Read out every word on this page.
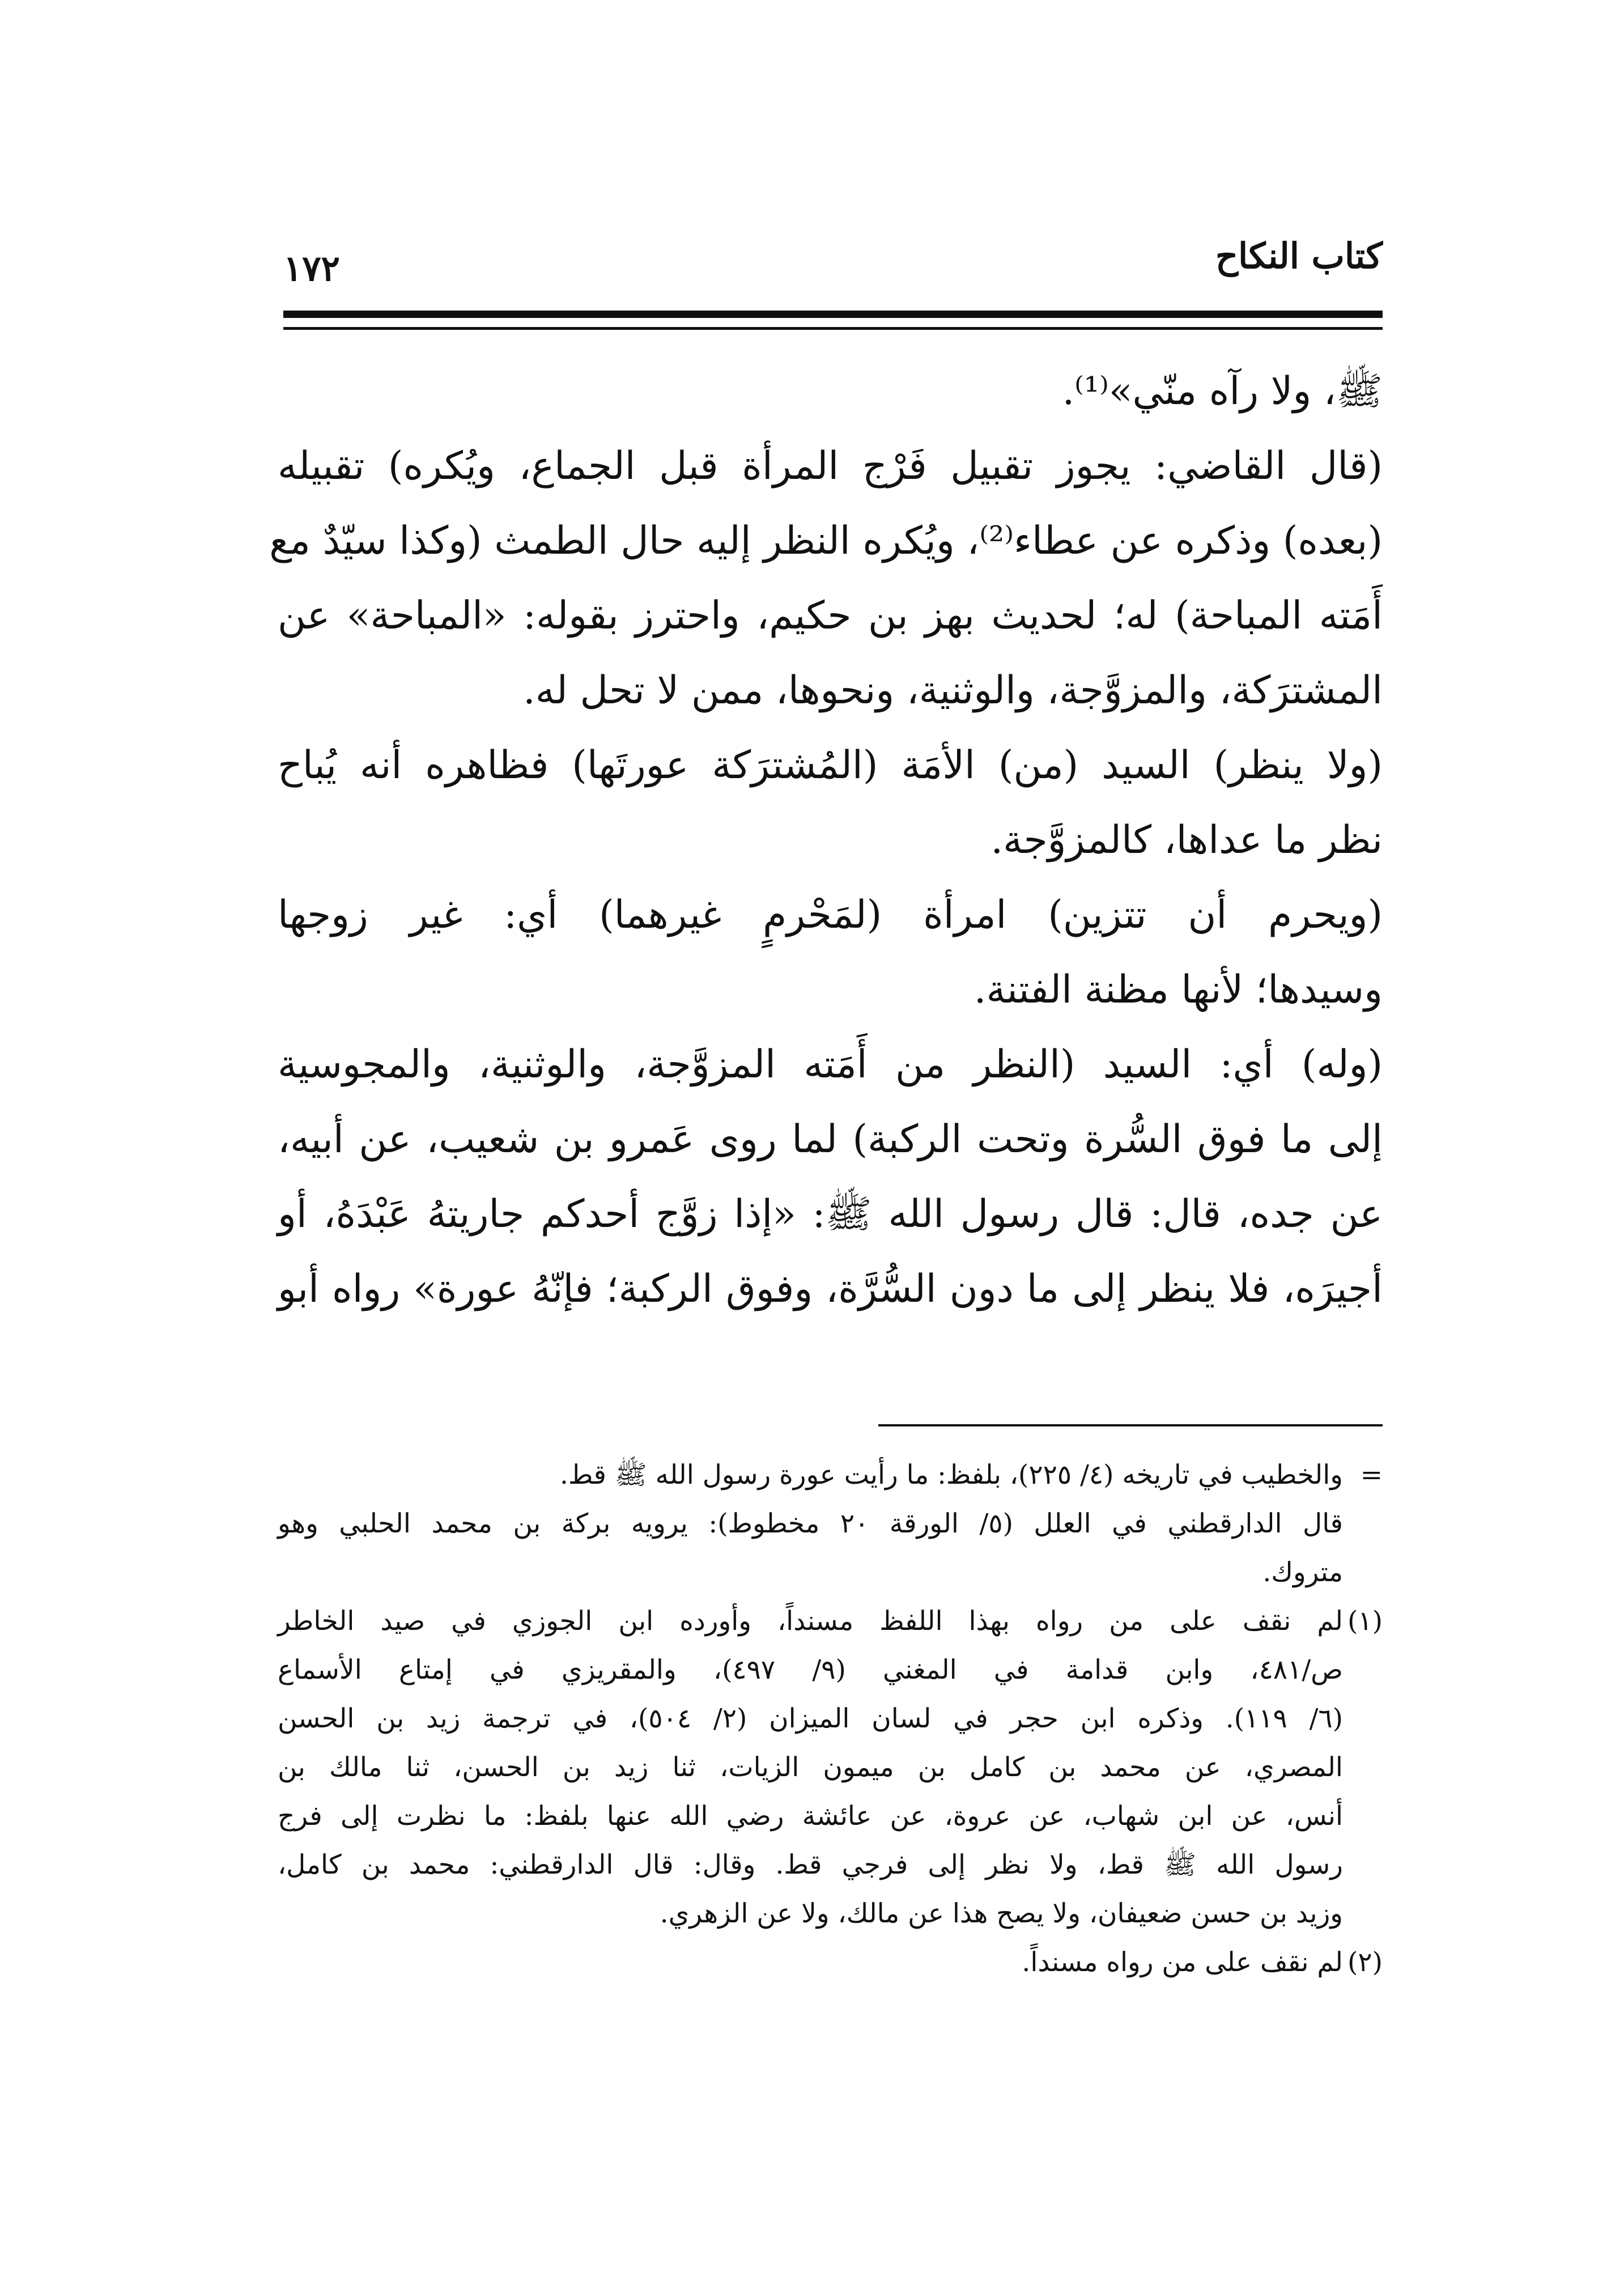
كتاب النكاح
١٧٢
ﷺ، ولا رآه منّي»⁽¹⁾.
(قال القاضي: يجوز تقبيل فَرْج المرأة قبل الجماع، ويُكره) تقبيله
(بعده) وذكره عن عطاء⁽²⁾، ويُكره النظر إليه حال الطمث (وكذا سيّدٌ مع
أَمَته المباحة) له؛ لحديث بهز بن حكيم، واحترز بقوله: «المباحة» عن
المشترَكة، والمزوَّجة، والوثنية، ونحوها، ممن لا تحل له.
(ولا ينظر) السيد (من) الأمَة (المُشترَكة عورتَها) فظاهره أنه يُباح
نظر ما عداها، كالمزوَّجة.
(ويحرم أن تتزين) امرأة (لمَحْرمٍ غيرهما) أي: غير زوجها
وسيدها؛ لأنها مظنة الفتنة.
(وله) أي: السيد (النظر من أَمَته المزوَّجة، والوثنية، والمجوسية
إلى ما فوق السُّرة وتحت الركبة) لما روى عَمرو بن شعيب، عن أبيه،
عن جده، قال: قال رسول الله ﷺ: «إذا زوَّج أحدكم جاريتهُ عَبْدَهُ، أو
أجيرَه، فلا ينظر إلى ما دون السُّرَّة، وفوق الركبة؛ فإنّهُ عورة» رواه أبو
=والخطيب في تاريخه (٤/ ٢٢٥)، بلفظ: ما رأيت عورة رسول الله ﷺ قط.
قال الدارقطني في العلل (٥/ الورقة ٢٠ مخطوط): يرويه بركة بن محمد الحلبي وهو
متروك.
(١)لم نقف على من رواه بهذا اللفظ مسنداً، وأورده ابن الجوزي في صيد الخاطر
ص/٤٨١، وابن قدامة في المغني (٩/ ٤٩٧)، والمقريزي في إمتاع الأسماع
(٦/ ١١٩). وذكره ابن حجر في لسان الميزان (٢/ ٥٠٤)، في ترجمة زيد بن الحسن
المصري، عن محمد بن كامل بن ميمون الزيات، ثنا زيد بن الحسن، ثنا مالك بن
أنس، عن ابن شهاب، عن عروة، عن عائشة رضي الله عنها بلفظ: ما نظرت إلى فرج
رسول الله ﷺ قط، ولا نظر إلى فرجي قط. وقال: قال الدارقطني: محمد بن كامل،
وزيد بن حسن ضعيفان، ولا يصح هذا عن مالك، ولا عن الزهري.
(٢)لم نقف على من رواه مسنداً.
